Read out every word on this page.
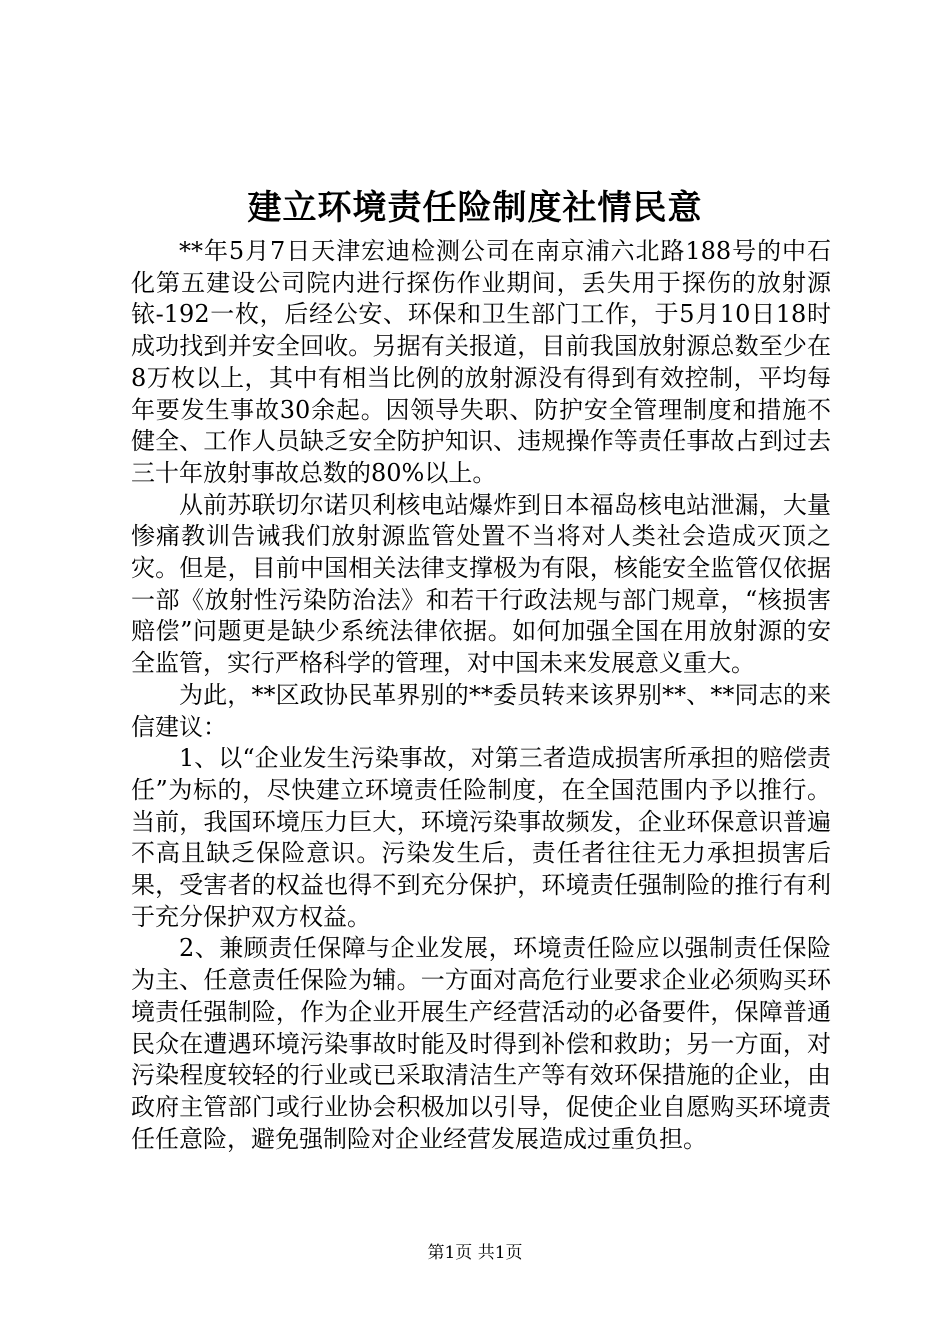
建立环境责任险制度社情民意

**年5月7日天津宏迪检测公司在南京浦六北路188号的中石化第五建设公司院内进行探伤作业期间，丢失用于探伤的放射源铱-192一枚，后经公安、环保和卫生部门工作，于5月10日18时成功找到并安全回收。另据有关报道，目前我国放射源总数至少在8万枚以上，其中有相当比例的放射源没有得到有效控制，平均每年要发生事故30余起。因领导失职、防护安全管理制度和措施不健全、工作人员缺乏安全防护知识、违规操作等责任事故占到过去三十年放射事故总数的80%以上。

从前苏联切尔诺贝利核电站爆炸到日本福岛核电站泄漏，大量惨痛教训告诫我们放射源监管处置不当将对人类社会造成灭顶之灾。但是，目前中国相关法律支撑极为有限，核能安全监管仅依据一部《放射性污染防治法》和若干行政法规与部门规章，“核损害赔偿”问题更是缺少系统法律依据。如何加强全国在用放射源的安全监管，实行严格科学的管理，对中国未来发展意义重大。

为此，**区政协民革界别的**委员转来该界别**、**同志的来信建议：

1、以“企业发生污染事故，对第三者造成损害所承担的赔偿责任”为标的，尽快建立环境责任险制度，在全国范围内予以推行。当前，我国环境压力巨大，环境污染事故频发，企业环保意识普遍不高且缺乏保险意识。污染发生后，责任者往往无力承担损害后果，受害者的权益也得不到充分保护，环境责任强制险的推行有利于充分保护双方权益。

2、兼顾责任保障与企业发展，环境责任险应以强制责任保险为主、任意责任保险为辅。一方面对高危行业要求企业必须购买环境责任强制险，作为企业开展生产经营活动的必备要件，保障普通民众在遭遇环境污染事故时能及时得到补偿和救助；另一方面，对污染程度较轻的行业或已采取清洁生产等有效环保措施的企业，由政府主管部门或行业协会积极加以引导，促使企业自愿购买环境责任任意险，避免强制险对企业经营发展造成过重负担。

第1页 共1页
